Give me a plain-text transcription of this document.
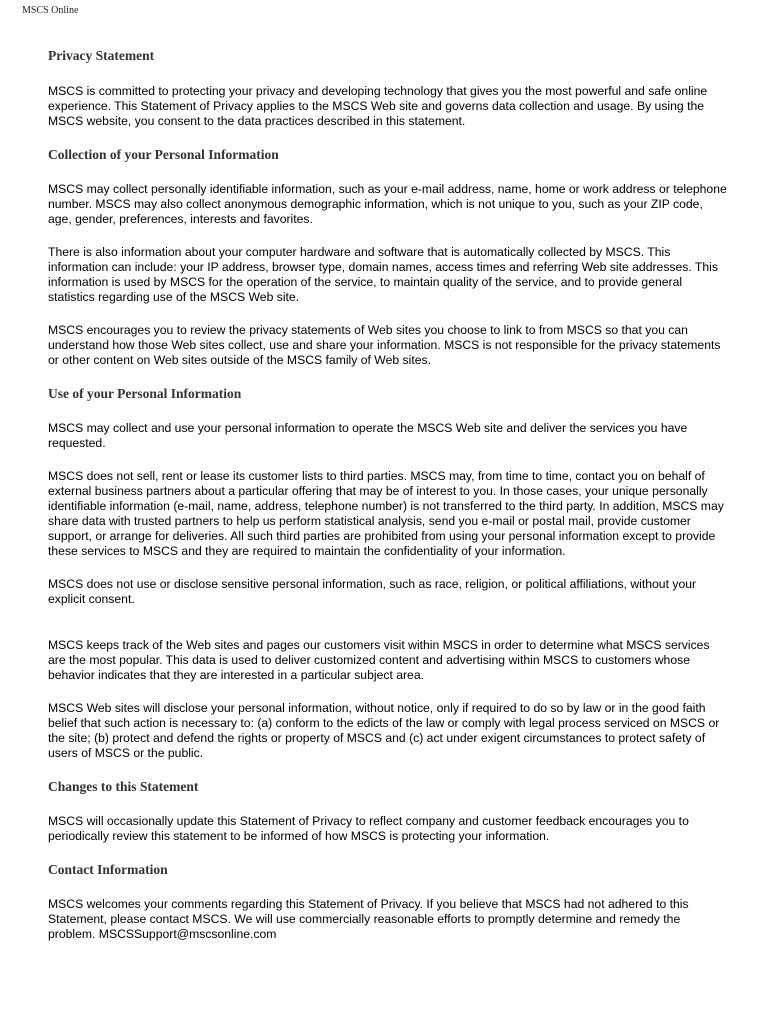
MSCS Online
Privacy Statement

MSCS is committed to protecting your privacy and developing technology that gives you the most powerful and safe online experience. This Statement of Privacy applies to the MSCS Web site and governs data collection and usage. By using the MSCS website, you consent to the data practices described in this statement.

Collection of your Personal Information

MSCS may collect personally identifiable information, such as your e-mail address, name, home or work address or telephone number. MSCS may also collect anonymous demographic information, which is not unique to you, such as your ZIP code, age, gender, preferences, interests and favorites.

There is also information about your computer hardware and software that is automatically collected by MSCS. This information can include: your IP address, browser type, domain names, access times and referring Web site addresses. This information is used by MSCS for the operation of the service, to maintain quality of the service, and to provide general statistics regarding use of the MSCS Web site.

MSCS encourages you to review the privacy statements of Web sites you choose to link to from MSCS so that you can understand how those Web sites collect, use and share your information. MSCS is not responsible for the privacy statements or other content on Web sites outside of the MSCS family of Web sites.

Use of your Personal Information

MSCS may collect and use your personal information to operate the MSCS Web site and deliver the services you have requested.

MSCS does not sell, rent or lease its customer lists to third parties. MSCS may, from time to time, contact you on behalf of external business partners about a particular offering that may be of interest to you. In those cases, your unique personally identifiable information (e-mail, name, address, telephone number) is not transferred to the third party. In addition, MSCS may share data with trusted partners to help us perform statistical analysis, send you e-mail or postal mail, provide customer support, or arrange for deliveries. All such third parties are prohibited from using your personal information except to provide these services to MSCS and they are required to maintain the confidentiality of your information.

MSCS does not use or disclose sensitive personal information, such as race, religion, or political affiliations, without your explicit consent.

MSCS keeps track of the Web sites and pages our customers visit within MSCS in order to determine what MSCS services are the most popular. This data is used to deliver customized content and advertising within MSCS to customers whose behavior indicates that they are interested in a particular subject area.

MSCS Web sites will disclose your personal information, without notice, only if required to do so by law or in the good faith belief that such action is necessary to: (a) conform to the edicts of the law or comply with legal process serviced on MSCS or the site; (b) protect and defend the rights or property of MSCS and (c) act under exigent circumstances to protect safety of users of MSCS or the public.

Changes to this Statement

MSCS will occasionally update this Statement of Privacy to reflect company and customer feedback encourages you to periodically review this statement to be informed of how MSCS is protecting your information.

Contact Information

MSCS welcomes your comments regarding this Statement of Privacy. If you believe that MSCS had not adhered to this Statement, please contact MSCS. We will use commercially reasonable efforts to promptly determine and remedy the problem. MSCSSupport@mscsonline.com
